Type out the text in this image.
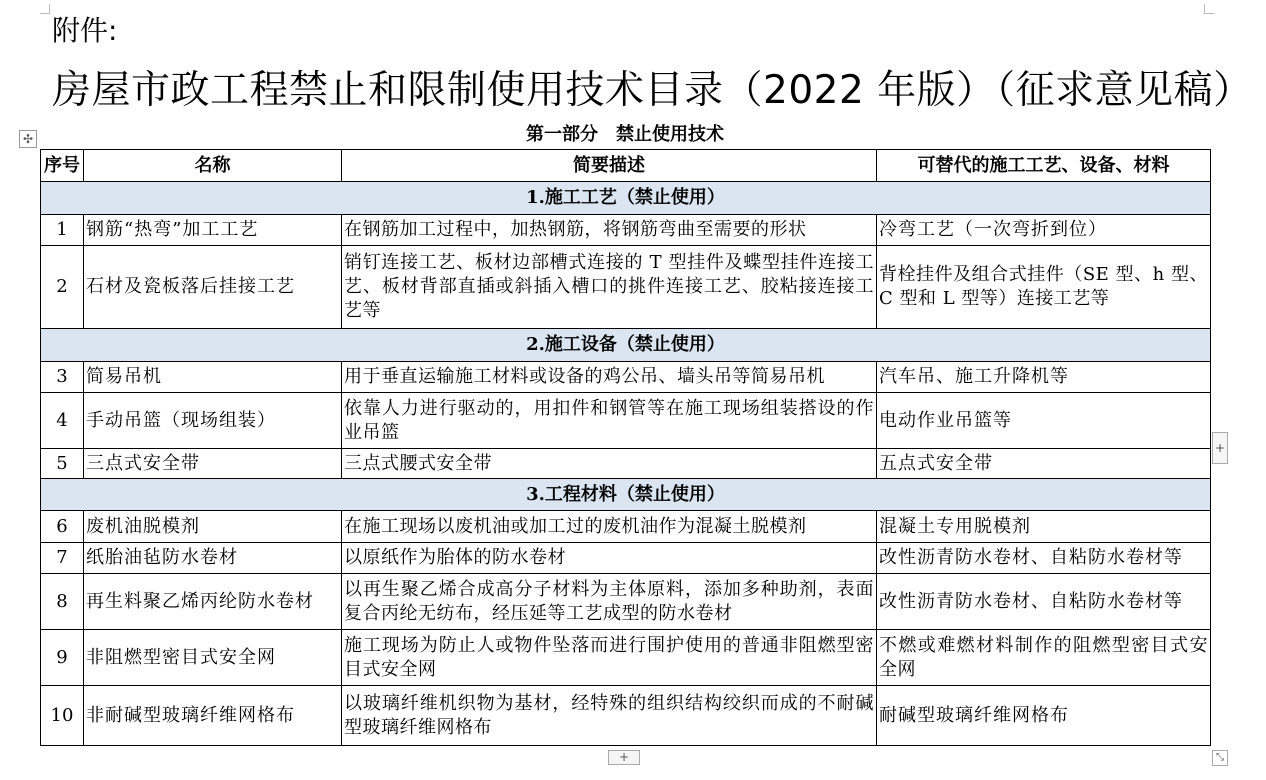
附件:
房屋市政工程禁止和限制使用技术目录（2022 年版）（征求意见稿）
✣	第一部分　禁止使用技术
序号	名称	简要描述	可替代的施工工艺、设备、材料
1.施工工艺（禁止使用）			
1	钢筋“热弯”加工工艺	在钢筋加工过程中，加热钢筋，将钢筋弯曲至需要的形状	冷弯工艺（一次弯折到位）
2	石材及瓷板落后挂接工艺	销钉连接工艺、板材边部槽式连接的 T 型挂件及蝶型挂件连接工艺、板材背部直插或斜插入槽口的挑件连接工艺、胶粘接连接工艺等	背栓挂件及组合式挂件（SE 型、h 型、C 型和 L 型等）连接工艺等
2.施工设备（禁止使用）			
3	简易吊机	用于垂直运输施工材料或设备的鸡公吊、墙头吊等简易吊机	汽车吊、施工升降机等
4	手动吊篮（现场组装）	依靠人力进行驱动的，用扣件和钢管等在施工现场组装搭设的作业吊篮	电动作业吊篮等
5	三点式安全带	三点式腰式安全带	五点式安全带
3.工程材料（禁止使用）			
6	废机油脱模剂	在施工现场以废机油或加工过的废机油作为混凝土脱模剂	混凝土专用脱模剂
7	纸胎油毡防水卷材	以原纸作为胎体的防水卷材	改性沥青防水卷材、自粘防水卷材等
8	再生料聚乙烯丙纶防水卷材	以再生聚乙烯合成高分子材料为主体原料，添加多种助剂，表面复合丙纶无纺布，经压延等工艺成型的防水卷材	改性沥青防水卷材、自粘防水卷材等
9	非阻燃型密目式安全网	施工现场为防止人或物件坠落而进行围护使用的普通非阻燃型密目式安全网	不燃或难燃材料制作的阻燃型密目式安全网
10	非耐碱型玻璃纤维网格布	以玻璃纤维机织物为基材，经特殊的组织结构绞织而成的不耐碱型玻璃纤维网格布	耐碱型玻璃纤维网格布
+
+	⤡
